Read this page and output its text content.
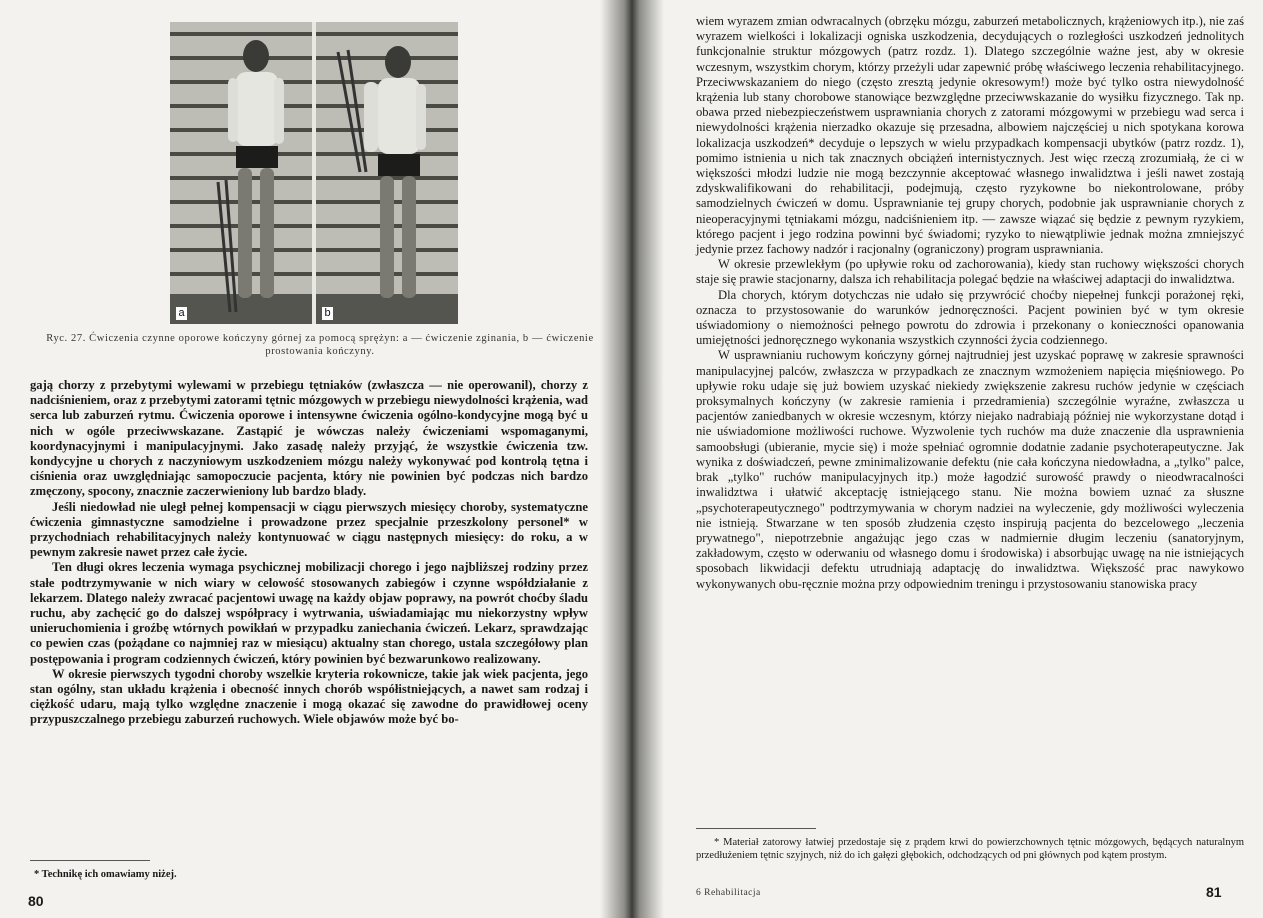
a	b
Ryc. 27. Ćwiczenia czynne oporowe kończyny górnej za pomocą sprężyn: a — ćwiczenie zginania, b — ćwiczenie prostowania kończyny.

gają chorzy z przebytymi wylewami w przebiegu tętniaków (zwłaszcza — nie operowanil), chorzy z nadciśnieniem, oraz z przebytymi zatorami tętnic mózgowych w przebiegu niewydolności krążenia, wad serca lub zaburzeń rytmu. Ćwiczenia oporowe i intensywne ćwiczenia ogólno-kondycyjne mogą być u nich w ogóle przeciwwskazane. Zastąpić je wówczas należy ćwiczeniami wspomaganymi, koordynacyjnymi i manipulacyjnymi. Jako zasadę należy przyjąć, że wszystkie ćwiczenia tzw. kondycyjne u chorych z naczyniowym uszkodzeniem mózgu należy wykonywać pod kontrolą tętna i ciśnienia oraz uwzględniając samopoczucie pacjenta, który nie powinien być podczas nich bardzo zmęczony, spocony, znacznie zaczerwieniony lub bardzo blady.

Jeśli niedowład nie uległ pełnej kompensacji w ciągu pierwszych miesięcy choroby, systematyczne ćwiczenia gimnastyczne samodzielne i prowadzone przez specjalnie przeszkolony personel* w przychodniach rehabilitacyjnych należy kontynuować w ciągu następnych miesięcy: do roku, a w pewnym zakresie nawet przez całe życie.

Ten długi okres leczenia wymaga psychicznej mobilizacji chorego i jego najbliższej rodziny przez stałe podtrzymywanie w nich wiary w celowość stosowanych zabiegów i czynne współdziałanie z lekarzem. Dlatego należy zwracać pacjentowi uwagę na każdy objaw poprawy, na powrót choćby śladu ruchu, aby zachęcić go do dalszej współpracy i wytrwania, uświadamiając mu niekorzystny wpływ unieruchomienia i groźbę wtórnych powikłań w przypadku zaniechania ćwiczeń. Lekarz, sprawdzając co pewien czas (pożądane co najmniej raz w miesiącu) aktualny stan chorego, ustala szczegółowy plan postępowania i program codziennych ćwiczeń, który powinien być bezwarunkowo realizowany.

W okresie pierwszych tygodni choroby wszelkie kryteria rokownicze, takie jak wiek pacjenta, jego stan ogólny, stan układu krążenia i obecność innych chorób współistniejących, a nawet sam rodzaj i ciężkość udaru, mają tylko względne znaczenie i mogą okazać się zawodne do prawidłowej oceny przypuszczalnego przebiegu zaburzeń ruchowych. Wiele objawów może być bo-

* Technikę ich omawiamy niżej.
80

wiem wyrazem zmian odwracalnych (obrzęku mózgu, zaburzeń metabolicznych, krążeniowych itp.), nie zaś wyrazem wielkości i lokalizacji ogniska uszkodzenia, decydujących o rozległości uszkodzeń jednolitych funkcjonalnie struktur mózgowych (patrz rozdz. 1). Dlatego szczególnie ważne jest, aby w okresie wczesnym, wszystkim chorym, którzy przeżyli udar zapewnić próbę właściwego leczenia rehabilitacyjnego. Przeciwwskazaniem do niego (często zresztą jedynie okresowym!) może być tylko ostra niewydolność krążenia lub stany chorobowe stanowiące bezwzględne przeciwwskazanie do wysiłku fizycznego. Tak np. obawa przed niebezpieczeństwem usprawniania chorych z zatorami mózgowymi w przebiegu wad serca i niewydolności krążenia nierzadko okazuje się przesadna, albowiem najczęściej u nich spotykana korowa lokalizacja uszkodzeń* decyduje o lepszych w wielu przypadkach kompensacji ubytków (patrz rozdz. 1), pomimo istnienia u nich tak znacznych obciążeń internistycznych. Jest więc rzeczą zrozumiałą, że ci w większości młodzi ludzie nie mogą bezczynnie akceptować własnego inwalidztwa i jeśli nawet zostają zdyskwalifikowani do rehabilitacji, podejmują, często ryzykowne bo niekontrolowane, próby samodzielnych ćwiczeń w domu. Usprawnianie tej grupy chorych, podobnie jak usprawnianie chorych z nieoperacyjnymi tętniakami mózgu, nadciśnieniem itp. — zawsze wiązać się będzie z pewnym ryzykiem, którego pacjent i jego rodzina powinni być świadomi; ryzyko to niewątpliwie jednak można zmniejszyć jedynie przez fachowy nadzór i racjonalny (ograniczony) program usprawniania.

W okresie przewlekłym (po upływie roku od zachorowania), kiedy stan ruchowy większości chorych staje się prawie stacjonarny, dalsza ich rehabilitacja polegać będzie na właściwej adaptacji do inwalidztwa.

Dla chorych, którym dotychczas nie udało się przywrócić choćby niepełnej funkcji porażonej ręki, oznacza to przystosowanie do warunków jednoręczności. Pacjent powinien być w tym okresie uświadomiony o niemożności pełnego powrotu do zdrowia i przekonany o konieczności opanowania umiejętności jednoręcznego wykonania wszystkich czynności życia codziennego.

W usprawnianiu ruchowym kończyny górnej najtrudniej jest uzyskać poprawę w zakresie sprawności manipulacyjnej palców, zwłaszcza w przypadkach ze znacznym wzmożeniem napięcia mięśniowego. Po upływie roku udaje się już bowiem uzyskać niekiedy zwiększenie zakresu ruchów jedynie w częściach proksymalnych kończyny (w zakresie ramienia i przedramienia) szczególnie wyraźne, zwłaszcza u pacjentów zaniedbanych w okresie wczesnym, którzy niejako nadrabiają później nie wykorzystane dotąd i nie uświadomione możliwości ruchowe. Wyzwolenie tych ruchów ma duże znaczenie dla usprawnienia samoobsługi (ubieranie, mycie się) i może spełniać ogromnie dodatnie zadanie psychoterapeutyczne. Jak wynika z doświadczeń, pewne zminimalizowanie defektu (nie cała kończyna niedowładna, a „tylko" palce, brak „tylko" ruchów manipulacyjnych itp.) może łagodzić surowość prawdy o nieodwracalności inwalidztwa i ułatwić akceptację istniejącego stanu. Nie można bowiem uznać za słuszne „psychoterapeutycznego" podtrzymywania w chorym nadziei na wyleczenie, gdy możliwości wyleczenia nie istnieją. Stwarzane w ten sposób złudzenia często inspirują pacjenta do bezcelowego „leczenia prywatnego", niepotrzebnie angażując jego czas w nadmiernie długim leczeniu (sanatoryjnym, zakładowym, często w oderwaniu od własnego domu i środowiska) i absorbując uwagę na nie istniejących sposobach likwidacji defektu utrudniają adaptację do inwalidztwa. Większość prac nawykowo wykonywanych obu-ręcznie można przy odpowiednim treningu i przystosowaniu stanowiska pracy

* Materiał zatorowy łatwiej przedostaje się z prądem krwi do powierzchownych tętnic mózgowych, będących naturalnym przedłużeniem tętnic szyjnych, niż do ich gałęzi głębokich, odchodzących od pni głównych pod kątem prostym.

6 Rehabilitacja	81
